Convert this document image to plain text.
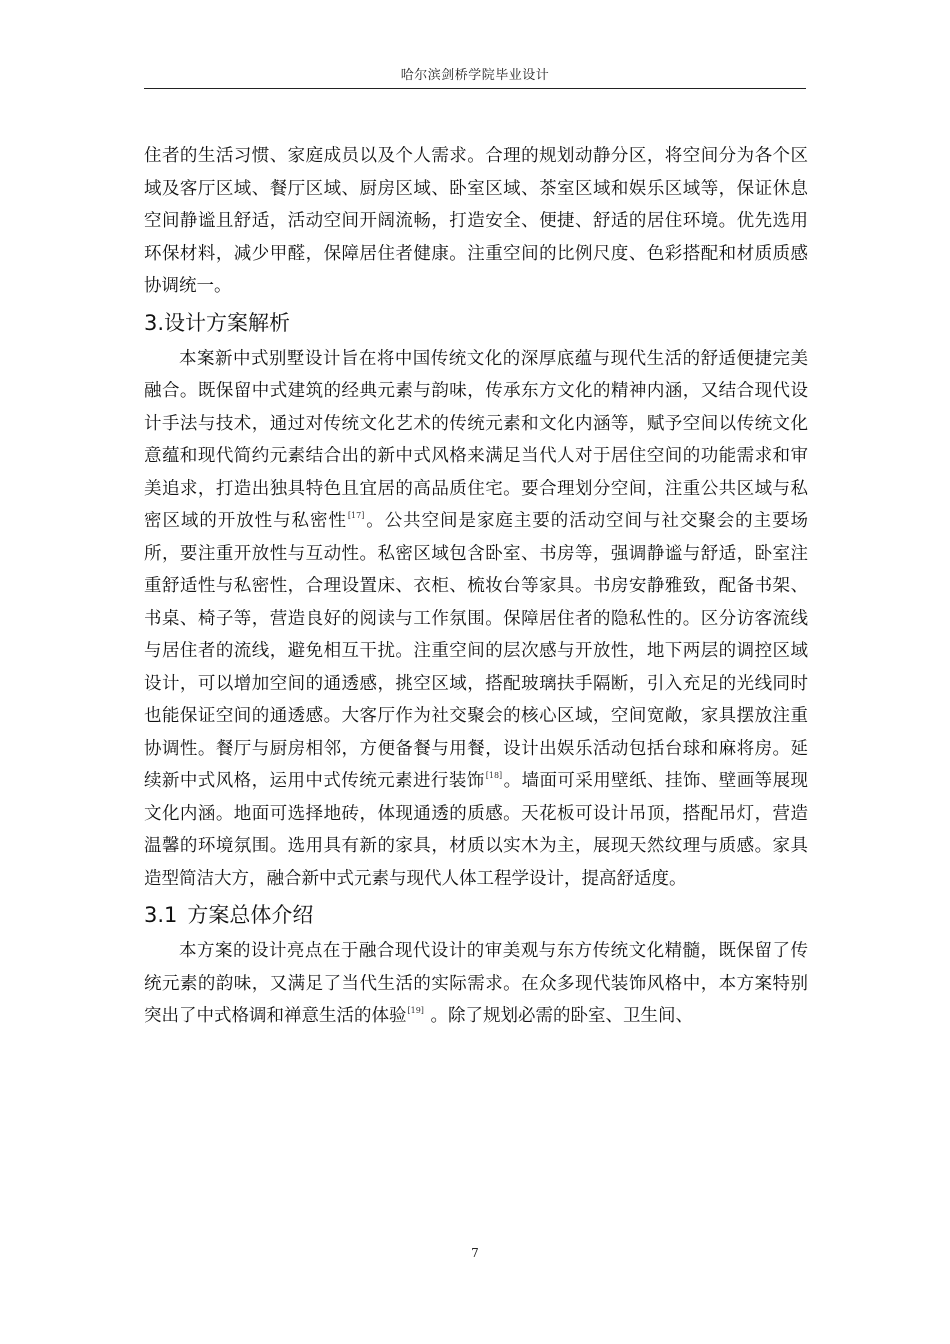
哈尔滨剑桥学院毕业设计

住者的生活习惯、家庭成员以及个人需求。合理的规划动静分区，将空间分为各个区域及客厅区域、餐厅区域、厨房区域、卧室区域、茶室区域和娱乐区域等，保证休息空间静谧且舒适，活动空间开阔流畅，打造安全、便捷、舒适的居住环境。优先选用环保材料，减少甲醛，保障居住者健康。注重空间的比例尺度、色彩搭配和材质质感协调统一。

3.设计方案解析

本案新中式别墅设计旨在将中国传统文化的深厚底蕴与现代生活的舒适便捷完美融合。既保留中式建筑的经典元素与韵味，传承东方文化的精神内涵，又结合现代设计手法与技术，通过对传统文化艺术的传统元素和文化内涵等，赋予空间以传统文化意蕴和现代简约元素结合出的新中式风格来满足当代人对于居住空间的功能需求和审美追求，打造出独具特色且宜居的高品质住宅。要合理划分空间，注重公共区域与私密区域的开放性与私密性[17]。公共空间是家庭主要的活动空间与社交聚会的主要场所，要注重开放性与互动性。私密区域包含卧室、书房等，强调静谧与舒适，卧室注重舒适性与私密性，合理设置床、衣柜、梳妆台等家具。书房安静雅致，配备书架、书桌、椅子等，营造良好的阅读与工作氛围。保障居住者的隐私性的。区分访客流线与居住者的流线，避免相互干扰。注重空间的层次感与开放性，地下两层的调控区域设计，可以增加空间的通透感，挑空区域，搭配玻璃扶手隔断，引入充足的光线同时也能保证空间的通透感。大客厅作为社交聚会的核心区域，空间宽敞，家具摆放注重协调性。餐厅与厨房相邻，方便备餐与用餐，设计出娱乐活动包括台球和麻将房。延续新中式风格，运用中式传统元素进行装饰[18]。墙面可采用壁纸、挂饰、壁画等展现文化内涵。地面可选择地砖，体现通透的质感。天花板可设计吊顶，搭配吊灯，营造温馨的环境氛围。选用具有新的家具，材质以实木为主，展现天然纹理与质感。家具造型简洁大方，融合新中式元素与现代人体工程学设计，提高舒适度。

3.1 方案总体介绍

本方案的设计亮点在于融合现代设计的审美观与东方传统文化精髓，既保留了传统元素的韵味，又满足了当代生活的实际需求。在众多现代装饰风格中，本方案特别突出了中式格调和禅意生活的体验[19] 。除了规划必需的卧室、卫生间、

7
